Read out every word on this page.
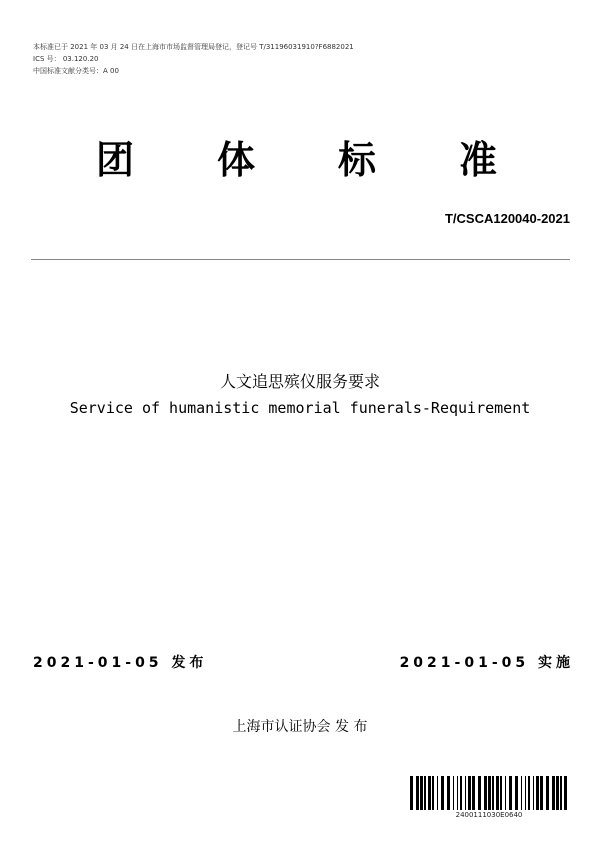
本标准已于 2021 年 03 月 24 日在上海市市场监督管理局登记，登记号 T/31196031910?F6882021
ICS 号： 03.120.20
中国标准文献分类号：A 00
团 体 标 准
T/CSCA120040-2021
人文追思殡仪服务要求
Service of humanistic memorial funerals-Requirement
2021-01-05 发布	2021-01-05 实施
上海市认证协会 发 布
2400111030E0640
